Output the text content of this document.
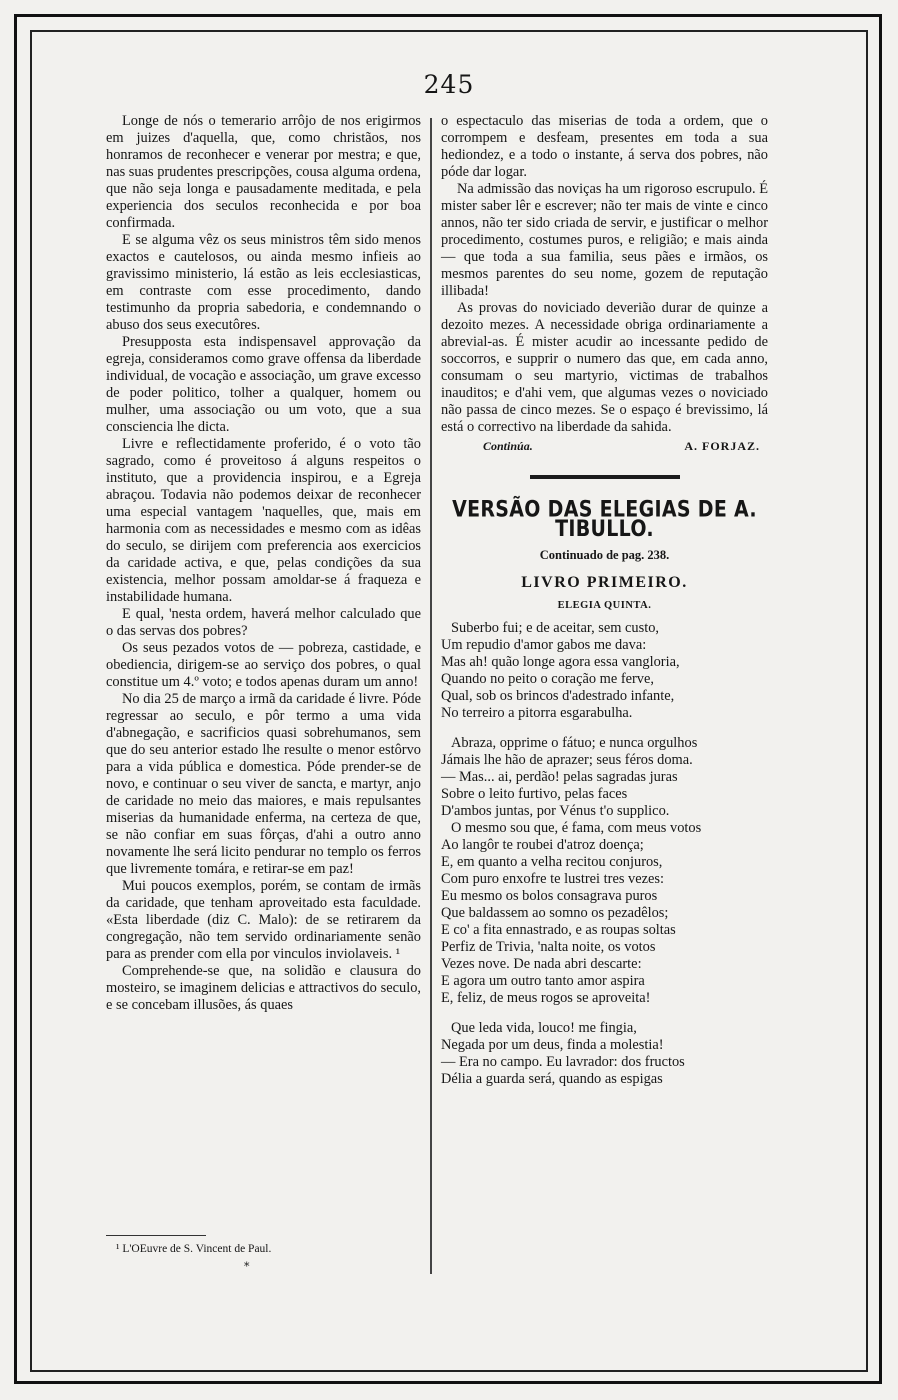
245

Longe de nós o temerario arrôjo de nos erigirmos em juizes d'aquella, que, como christãos, nos honramos de reconhecer e venerar por mestra; e que, nas suas prudentes prescripções, cousa alguma ordena, que não seja longa e pausadamente meditada, e pela experiencia dos seculos reconhecida e por boa confirmada.

E se alguma vêz os seus ministros têm sido menos exactos e cautelosos, ou ainda mesmo infieis ao gravissimo ministerio, lá estão as leis ecclesiasticas, em contraste com esse procedimento, dando testimunho da propria sabedoria, e condemnando o abuso dos seus executôres.

Presupposta esta indispensavel approvação da egreja, consideramos como grave offensa da liberdade individual, de vocação e associação, um grave excesso de poder politico, tolher a qualquer, homem ou mulher, uma associação ou um voto, que a sua consciencia lhe dicta.

Livre e reflectidamente proferido, é o voto tão sagrado, como é proveitoso á alguns respeitos o instituto, que a providencia inspirou, e a Egreja abraçou. Todavia não podemos deixar de reconhecer uma especial vantagem 'naquelles, que, mais em harmonia com as necessidades e mesmo com as idêas do seculo, se dirijem com preferencia aos exercicios da caridade activa, e que, pelas condições da sua existencia, melhor possam amoldar-se á fraqueza e instabilidade humana.

E qual, 'nesta ordem, haverá melhor calculado que o das servas dos pobres?

Os seus pezados votos de — pobreza, castidade, e obediencia, dirigem-se ao serviço dos pobres, o qual constitue um 4.º voto; e todos apenas duram um anno!

No dia 25 de março a irmã da caridade é livre. Póde regressar ao seculo, e pôr termo a uma vida d'abnegação, e sacrificios quasi sobrehumanos, sem que do seu anterior estado lhe resulte o menor estôrvo para a vida pública e domestica. Póde prender-se de novo, e continuar o seu viver de sancta, e martyr, anjo de caridade no meio das maiores, e mais repulsantes miserias da humanidade enferma, na certeza de que, se não confiar em suas fôrças, d'ahi a outro anno novamente lhe será licito pendurar no templo os ferros que livremente tomára, e retirar-se em paz!

Mui poucos exemplos, porém, se contam de irmãs da caridade, que tenham aproveitado esta faculdade. «Esta liberdade (diz C. Malo): de se retirarem da congregação, não tem servido ordinariamente senão para as prender com ella por vinculos inviolaveis. ¹

Comprehende-se que, na solidão e clausura do mosteiro, se imaginem delicias e attractivos do seculo, e se concebam illusões, ás quaes

¹ L'OEuvre de S. Vincent de Paul.
*

o espectaculo das miserias de toda a ordem, que o corrompem e desfeam, presentes em toda a sua hediondez, e a todo o instante, á serva dos pobres, não póde dar logar.

Na admissão das noviças ha um rigoroso escrupulo. É mister saber lêr e escrever; não ter mais de vinte e cinco annos, não ter sido criada de servir, e justificar o melhor procedimento, costumes puros, e religião; e mais ainda — que toda a sua familia, seus pães e irmãos, os mesmos parentes do seu nome, gozem de reputação illibada!

As provas do noviciado deverião durar de quinze a dezoito mezes. A necessidade obriga ordinariamente a abrevial-as. É mister acudir ao incessante pedido de soccorros, e supprir o numero das que, em cada anno, consumam o seu martyrio, victimas de trabalhos inauditos; e d'ahi vem, que algumas vezes o noviciado não passa de cinco mezes. Se o espaço é brevissimo, lá está o correctivo na liberdade da sahida.

Continúa.	A. FORJAZ.
VERSÃO DAS ELEGIAS DE A. TIBULLO.
Continuado de pag. 238.
LIVRO PRIMEIRO.
ELEGIA QUINTA.
Suberbo fui; e de aceitar, sem custo,
Um repudio d'amor gabos me dava:
Mas ah! quão longe agora essa vangloria,
Quando no peito o coração me ferve,
Qual, sob os brincos d'adestrado infante,
No terreiro a pitorra esgarabulha.
Abraza, opprime o fátuo; e nunca orgulhos
Jámais lhe hão de aprazer; seus féros doma.
— Mas... ai, perdão! pelas sagradas juras
Sobre o leito furtivo, pelas faces
D'ambos juntas, por Vénus t'o supplico.
O mesmo sou que, é fama, com meus votos
Ao langôr te roubei d'atroz doença;
E, em quanto a velha recitou conjuros,
Com puro enxofre te lustrei tres vezes:
Eu mesmo os bolos consagrava puros
Que baldassem ao somno os pezadêlos;
E co' a fita ennastrado, e as roupas soltas
Perfiz de Trivia, 'nalta noite, os votos
Vezes nove. De nada abri descarte:
E agora um outro tanto amor aspira
E, feliz, de meus rogos se aproveita!
Que leda vida, louco! me fingia,
Negada por um deus, finda a molestia!
— Era no campo. Eu lavrador: dos fructos
Délia a guarda será, quando as espigas
